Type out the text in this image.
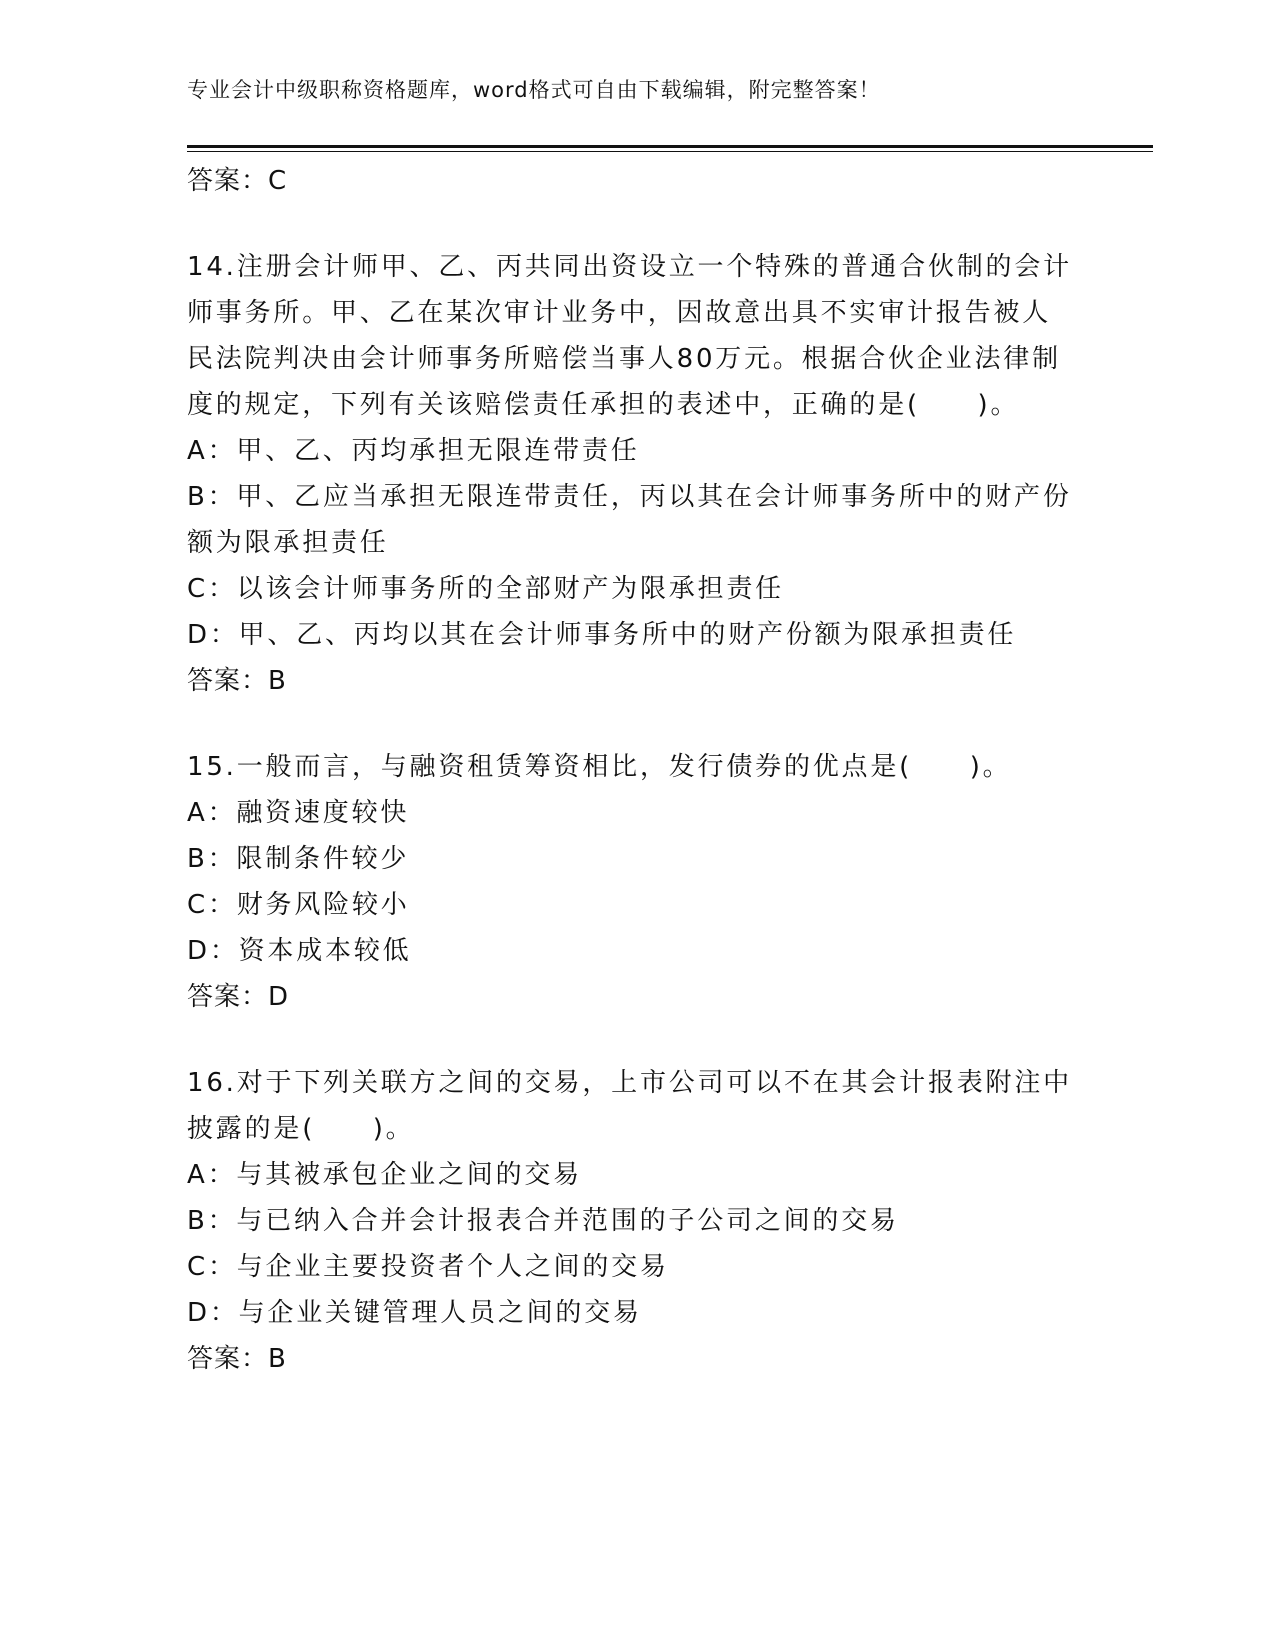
专业会计中级职称资格题库，word格式可自由下载编辑，附完整答案！
答案：C
14.注册会计师甲、乙、丙共同出资设立一个特殊的普通合伙制的会计
师事务所。甲、乙在某次审计业务中，因故意出具不实审计报告被人
民法院判决由会计师事务所赔偿当事人80万元。根据合伙企业法律制
度的规定，下列有关该赔偿责任承担的表述中，正确的是(　　)。
A：甲、乙、丙均承担无限连带责任
B：甲、乙应当承担无限连带责任，丙以其在会计师事务所中的财产份
额为限承担责任
C：以该会计师事务所的全部财产为限承担责任
D：甲、乙、丙均以其在会计师事务所中的财产份额为限承担责任
答案：B
15.一般而言，与融资租赁筹资相比，发行债券的优点是(　　)。
A：融资速度较快
B：限制条件较少
C：财务风险较小
D：资本成本较低
答案：D
16.对于下列关联方之间的交易，上市公司可以不在其会计报表附注中
披露的是(　　)。
A：与其被承包企业之间的交易
B：与已纳入合并会计报表合并范围的子公司之间的交易
C：与企业主要投资者个人之间的交易
D：与企业关键管理人员之间的交易
答案：B
